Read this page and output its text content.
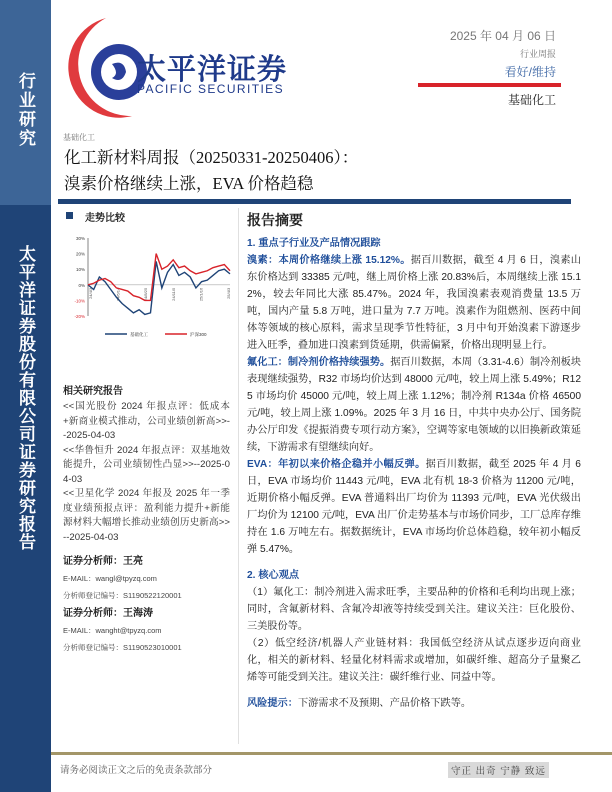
行业研究
太平洋证券股份有限公司证券研究报告
太平洋证券
PACIFIC SECURITIES
2025 年 04 月 06 日
行业周报
看好/维持
基础化工
基础化工
化工新材料周报（20250331-20250406）：
溴素价格继续上涨，EVA 价格趋稳
走势比较
30%
20%
10%
0%
-10%
-20%
24/4/3	24/6/14	24/8/25	24/11/5	25/1/16	25/4/3
基础化工	沪深300
相关研究报告
<<国光股份 2024 年报点评：低成本+新商业模式推动，公司业绩创新高>>--2025-04-03
<<华鲁恒升 2024 年报点评：双基地效能提升，公司业绩韧性凸显>>--2025-04-03
<<卫星化学 2024 年报及 2025 年一季度业绩预报点评：盈利能力提升+新能源材料大幅增长推动业绩创历史新高>>--2025-04-03
证券分析师：王亮
E-MAIL：wangl@tpyzq.com
分析师登记编号：S1190522120001
证券分析师：王海涛
E-MAIL：wanght@tpyzq.com
分析师登记编号：S1190523010001
报告摘要
1. 重点子行业及产品情况跟踪
溴素：本周价格继续上涨 15.12%。据百川数据，截至 4 月 6 日，溴素山东价格达到 33385 元/吨，继上周价格上涨 20.83%后，本周继续上涨 15.12%，较去年同比大涨 85.47%。2024 年，我国溴素表观消费量 13.5 万吨，国内产量 5.8 万吨，进口量为 7.7 万吨。溴素作为阻燃剂、医药中间体等领域的核心原料，需求呈现季节性特征，3 月中旬开始溴素下游逐步进入旺季，叠加进口溴素到货延期，供需偏紧，价格出现明显上行。
氟化工：制冷剂价格持续强势。据百川数据，本周（3.31-4.6）制冷剂板块表现继续强势，R32 市场均价达到 48000 元/吨，较上周上涨 5.49%；R125 市场均价 45000 元/吨，较上周上涨 1.12%；制冷剂 R134a 价格 46500 元/吨，较上周上涨 1.09%。2025 年 3 月 16 日，中共中央办公厅、国务院办公厅印发《提振消费专项行动方案》，空调等家电领域的以旧换新政策延续，下游需求有望继续向好。
EVA：年初以来价格企稳并小幅反弹。据百川数据，截至 2025 年 4 月 6 日，EVA 市场均价 11443 元/吨，EVA 北有机 18-3 价格为 11200 元/吨，近期价格小幅反弹。EVA 普通料出厂均价为 11393 元/吨，EVA 光伏级出厂均价为 12100 元/吨，EVA 出厂价走势基本与市场价同步，工厂总库存维持在 1.6 万吨左右。据数据统计，EVA 市场均价总体趋稳，较年初小幅反弹 5.47%。
2. 核心观点
（1）氟化工：制冷剂进入需求旺季，主要品种的价格和毛利均出现上涨；同时，含氟新材料、含氟冷却液等持续受到关注。建议关注：巨化股份、三美股份等。
（2）低空经济/机器人产业链材料：我国低空经济从试点逐步迈向商业化，相关的新材料、轻量化材料需求或增加，如碳纤维、超高分子量聚乙烯等可能受到关注。建议关注：碳纤维行业、同益中等。
风险提示：下游需求不及预期、产品价格下跌等。
请务必阅读正文之后的免责条款部分	守正 出奇 宁静 致远
